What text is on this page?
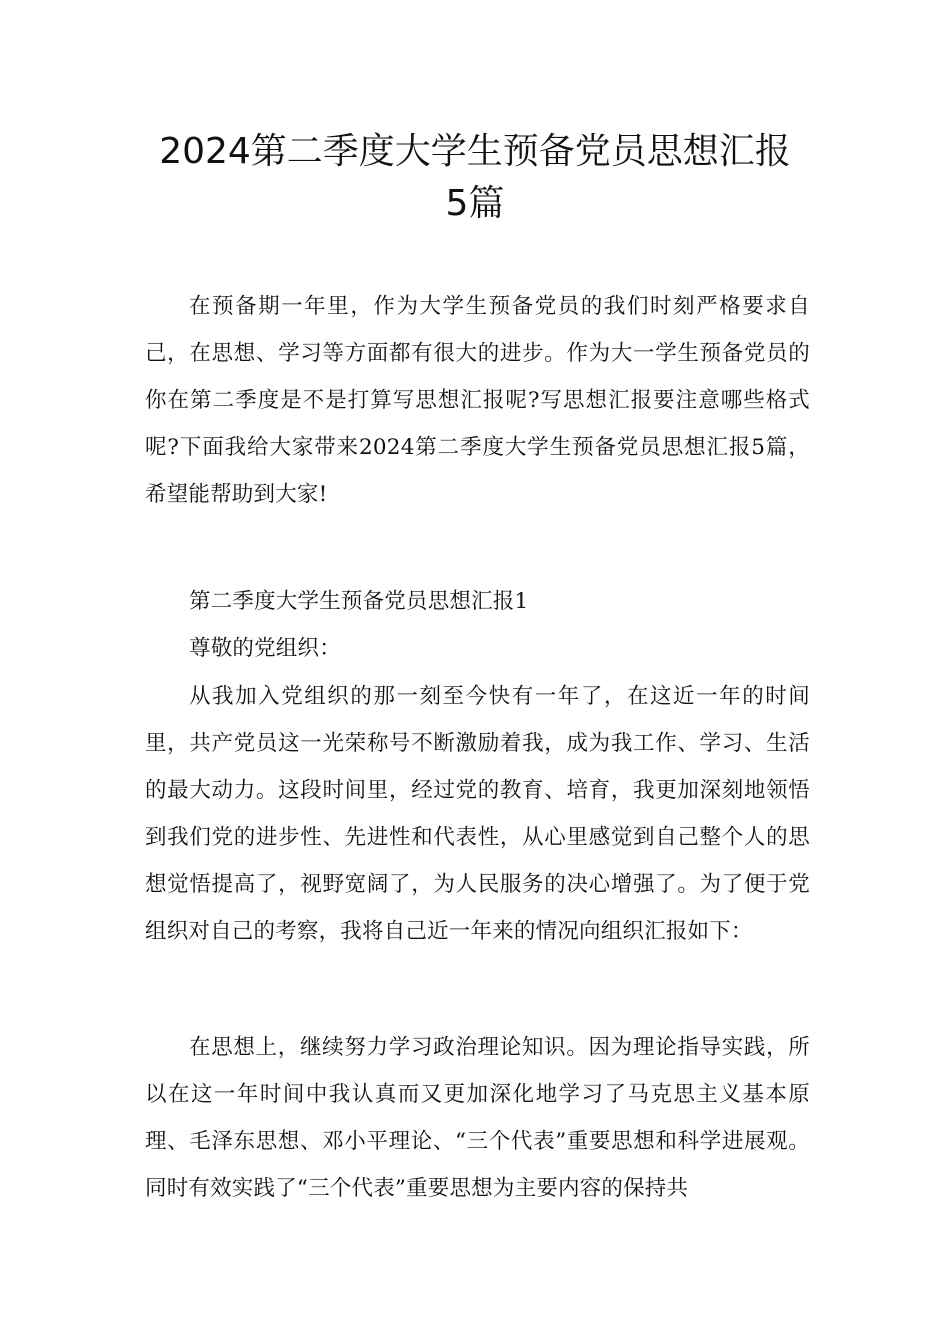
2024第二季度大学生预备党员思想汇报
5篇

在预备期一年里，作为大学生预备党员的我们时刻严格要求自己，在思想、学习等方面都有很大的进步。作为大一学生预备党员的你在第二季度是不是打算写思想汇报呢?写思想汇报要注意哪些格式呢?下面我给大家带来2024第二季度大学生预备党员思想汇报5篇，希望能帮助到大家!

第二季度大学生预备党员思想汇报1

尊敬的党组织：

从我加入党组织的那一刻至今快有一年了，在这近一年的时间里，共产党员这一光荣称号不断激励着我，成为我工作、学习、生活的最大动力。这段时间里，经过党的教育、培育，我更加深刻地领悟到我们党的进步性、先进性和代表性，从心里感觉到自己整个人的思想觉悟提高了，视野宽阔了，为人民服务的决心增强了。为了便于党组织对自己的考察，我将自己近一年来的情况向组织汇报如下：

在思想上，继续努力学习政治理论知识。因为理论指导实践，所以在这一年时间中我认真而又更加深化地学习了马克思主义基本原理、毛泽东思想、邓小平理论、“三个代表”重要思想和科学进展观。同时有效实践了“三个代表”重要思想为主要内容的保持共
